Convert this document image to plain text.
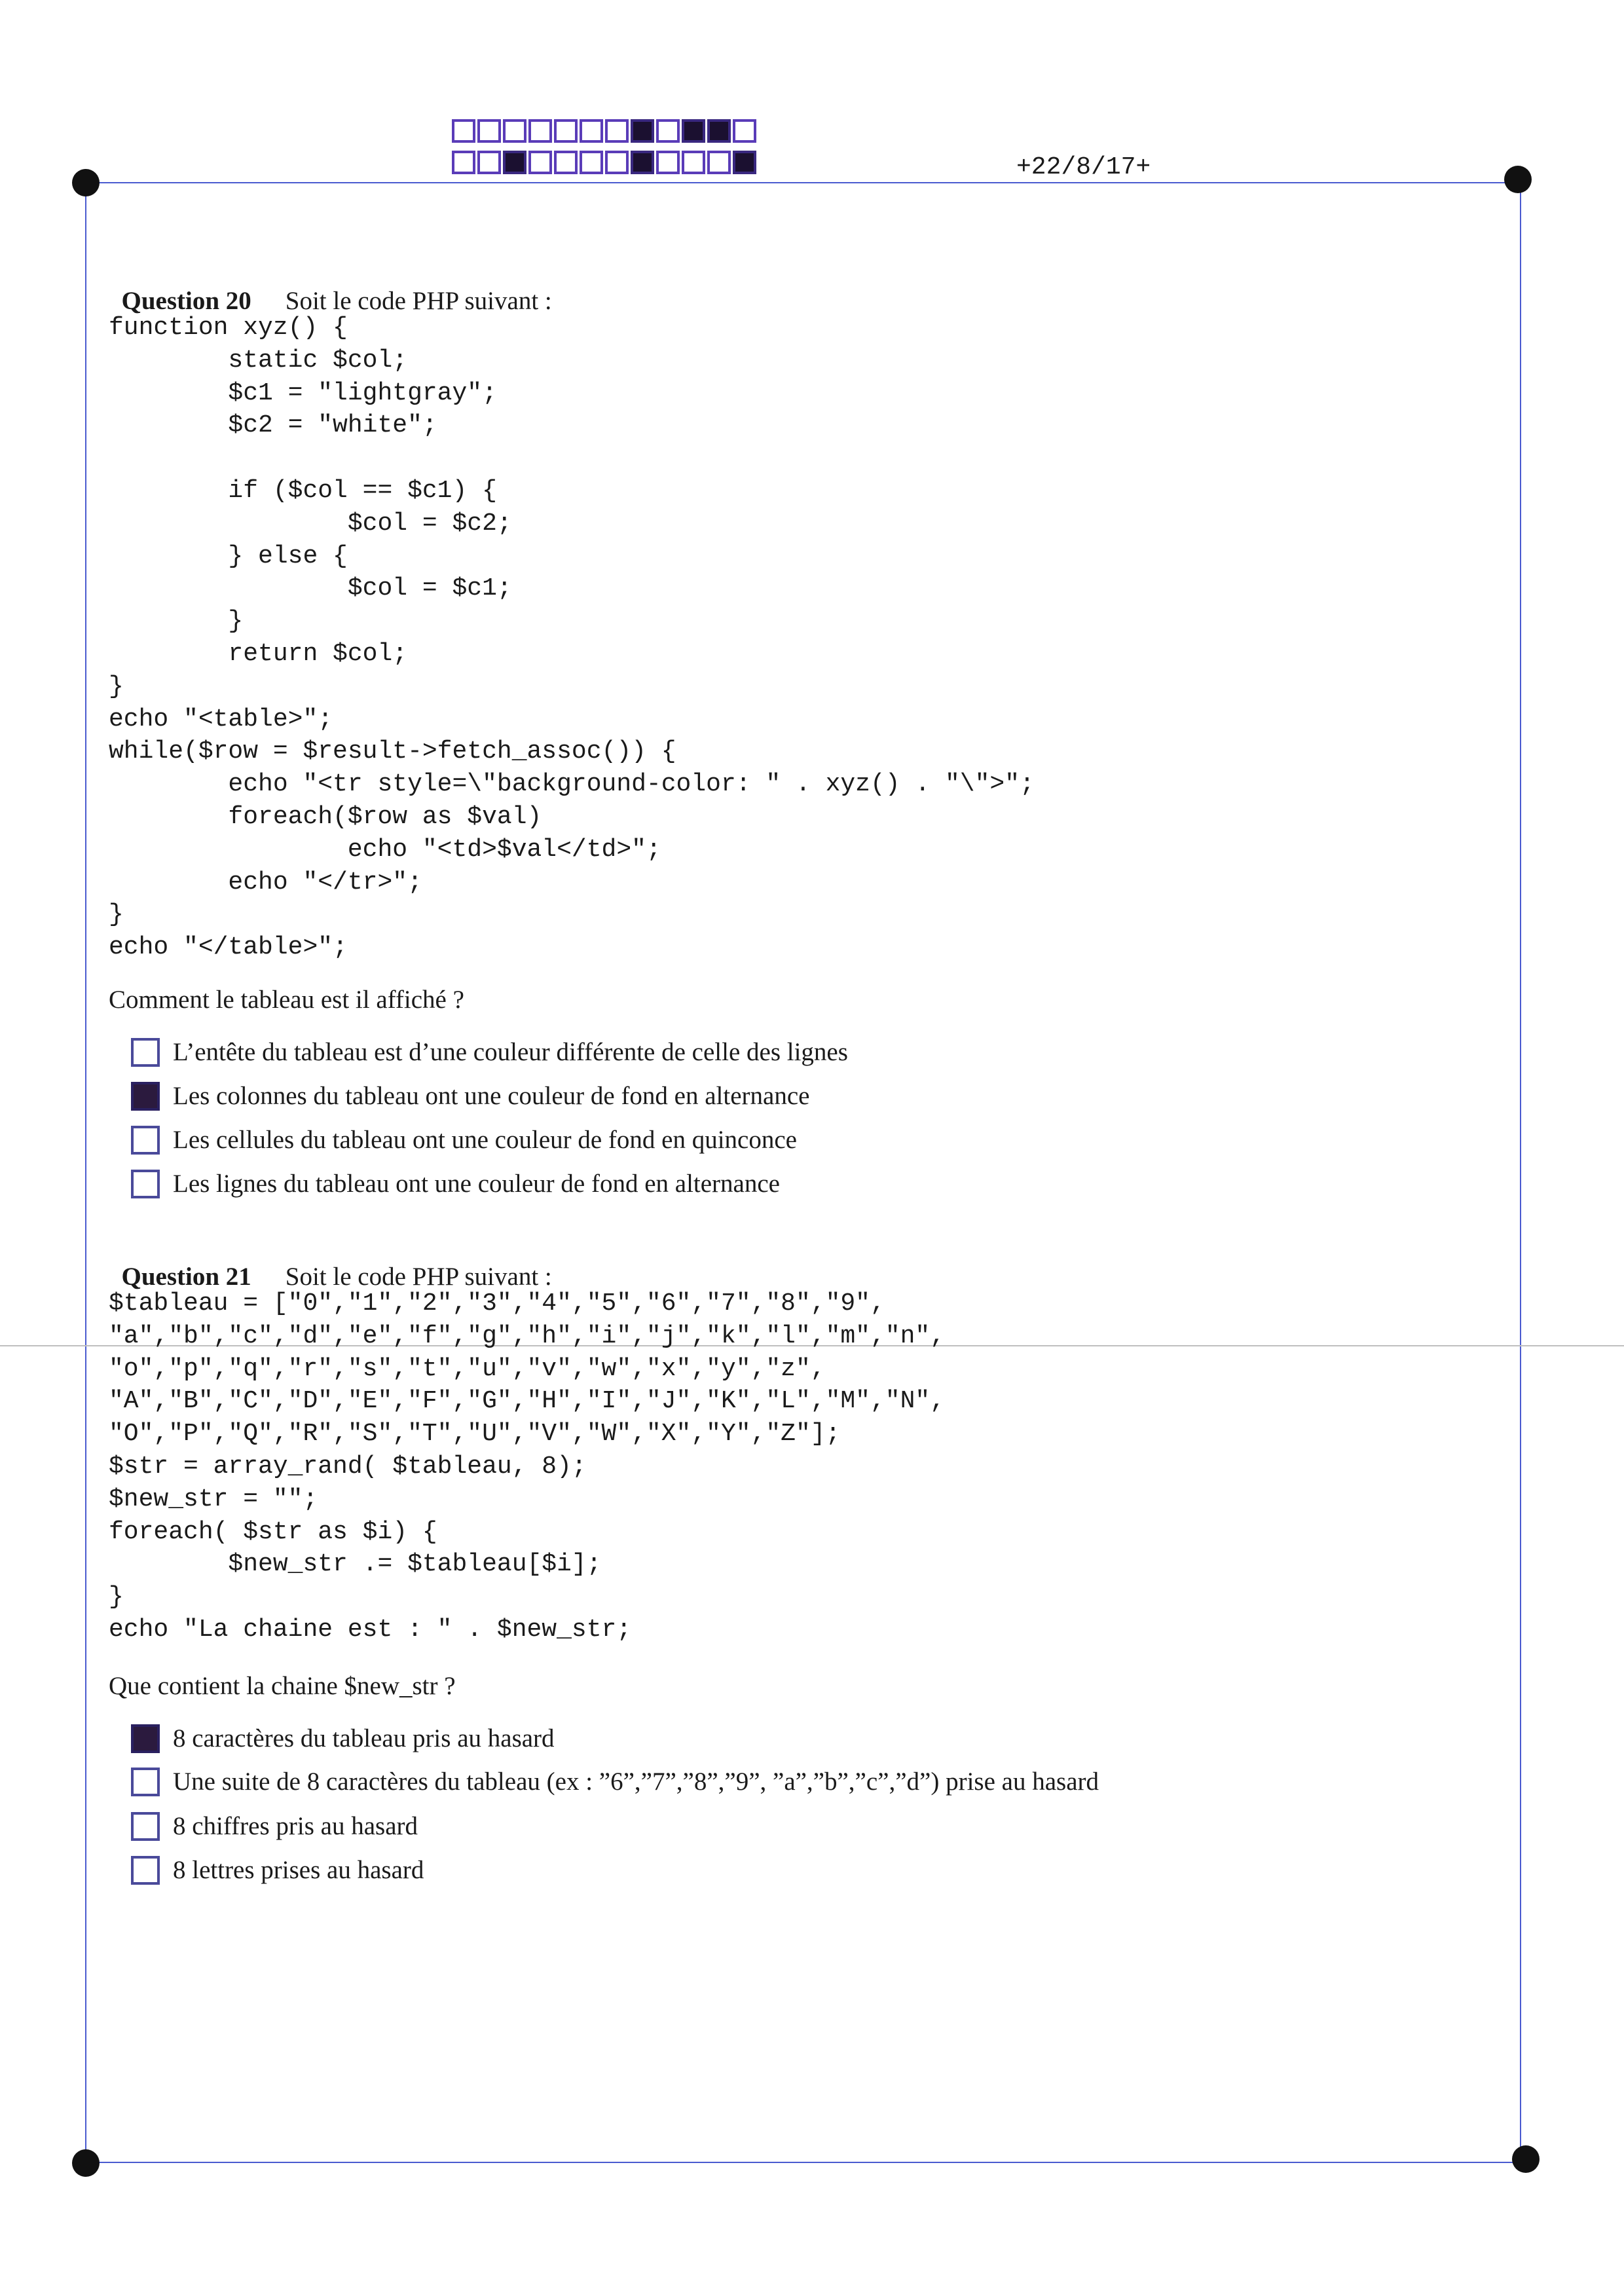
+22/8/17+

Question 20 Soit le code PHP suivant :

function xyz() {
static $col;
$c1 = "lightgray";
$c2 = "white";

if ($col == $c1) {
$col = $c2;
} else {
$col = $c1;
}
return $col;
}
echo "<table>";
while($row = $result->fetch_assoc()) {
echo "<tr style=\"background-color: " . xyz() . "\">";
foreach($row as $val)
echo "<td>$val</td>";
echo "</tr>";
}
echo "</table>";
Comment le tableau est il affiché ?
L’entête du tableau est d’une couleur différente de celle des lignes
Les colonnes du tableau ont une couleur de fond en alternance
Les cellules du tableau ont une couleur de fond en quinconce
Les lignes du tableau ont une couleur de fond en alternance

Question 21 Soit le code PHP suivant :

$tableau = ["0","1","2","3","4","5","6","7","8","9",
"a","b","c","d","e","f","g","h","i","j","k","l","m","n",
"o","p","q","r","s","t","u","v","w","x","y","z",
"A","B","C","D","E","F","G","H","I","J","K","L","M","N",
"O","P","Q","R","S","T","U","V","W","X","Y","Z"];
$str = array_rand( $tableau, 8);
$new_str = "";
foreach( $str as $i) {
$new_str .= $tableau[$i];
}
echo "La chaine est : " . $new_str;
Que contient la chaine $new_str ?
8 caractères du tableau pris au hasard
Une suite de 8 caractères du tableau (ex : ”6”,”7”,”8”,”9”, ”a”,”b”,”c”,”d”) prise au hasard
8 chiffres pris au hasard
8 lettres prises au hasard
